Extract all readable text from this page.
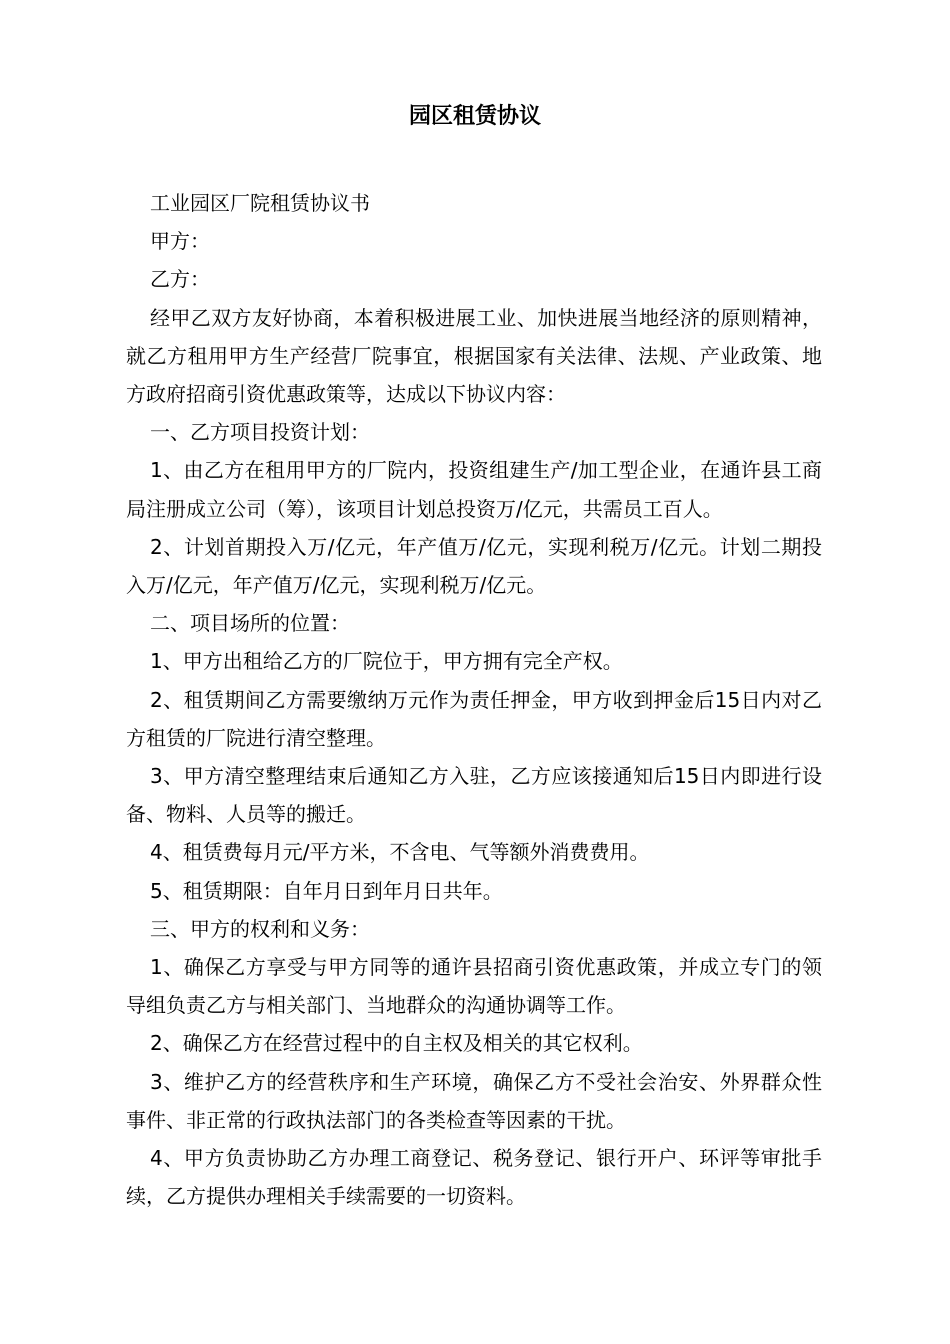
园区租赁协议

工业园区厂院租赁协议书

甲方：

乙方：

经甲乙双方友好协商，本着积极进展工业、加快进展当地经济的原则精神，就乙方租用甲方生产经营厂院事宜，根据国家有关法律、法规、产业政策、地方政府招商引资优惠政策等，达成以下协议内容：

一、乙方项目投资计划：

1、由乙方在租用甲方的厂院内，投资组建生产/加工型企业，在通许县工商局注册成立公司（筹），该项目计划总投资万/亿元，共需员工百人。

2、计划首期投入万/亿元，年产值万/亿元，实现利税万/亿元。计划二期投入万/亿元，年产值万/亿元，实现利税万/亿元。

二、项目场所的位置：

1、甲方出租给乙方的厂院位于，甲方拥有完全产权。

2、租赁期间乙方需要缴纳万元作为责任押金，甲方收到押金后15日内对乙方租赁的厂院进行清空整理。

3、甲方清空整理结束后通知乙方入驻，乙方应该接通知后15日内即进行设备、物料、人员等的搬迁。

4、租赁费每月元/平方米，不含电、气等额外消费费用。

5、租赁期限：自年月日到年月日共年。

三、甲方的权利和义务：

1、确保乙方享受与甲方同等的通许县招商引资优惠政策，并成立专门的领导组负责乙方与相关部门、当地群众的沟通协调等工作。

2、确保乙方在经营过程中的自主权及相关的其它权利。

3、维护乙方的经营秩序和生产环境，确保乙方不受社会治安、外界群众性事件、非正常的行政执法部门的各类检查等因素的干扰。

4、甲方负责协助乙方办理工商登记、税务登记、银行开户、环评等审批手续，乙方提供办理相关手续需要的一切资料。
